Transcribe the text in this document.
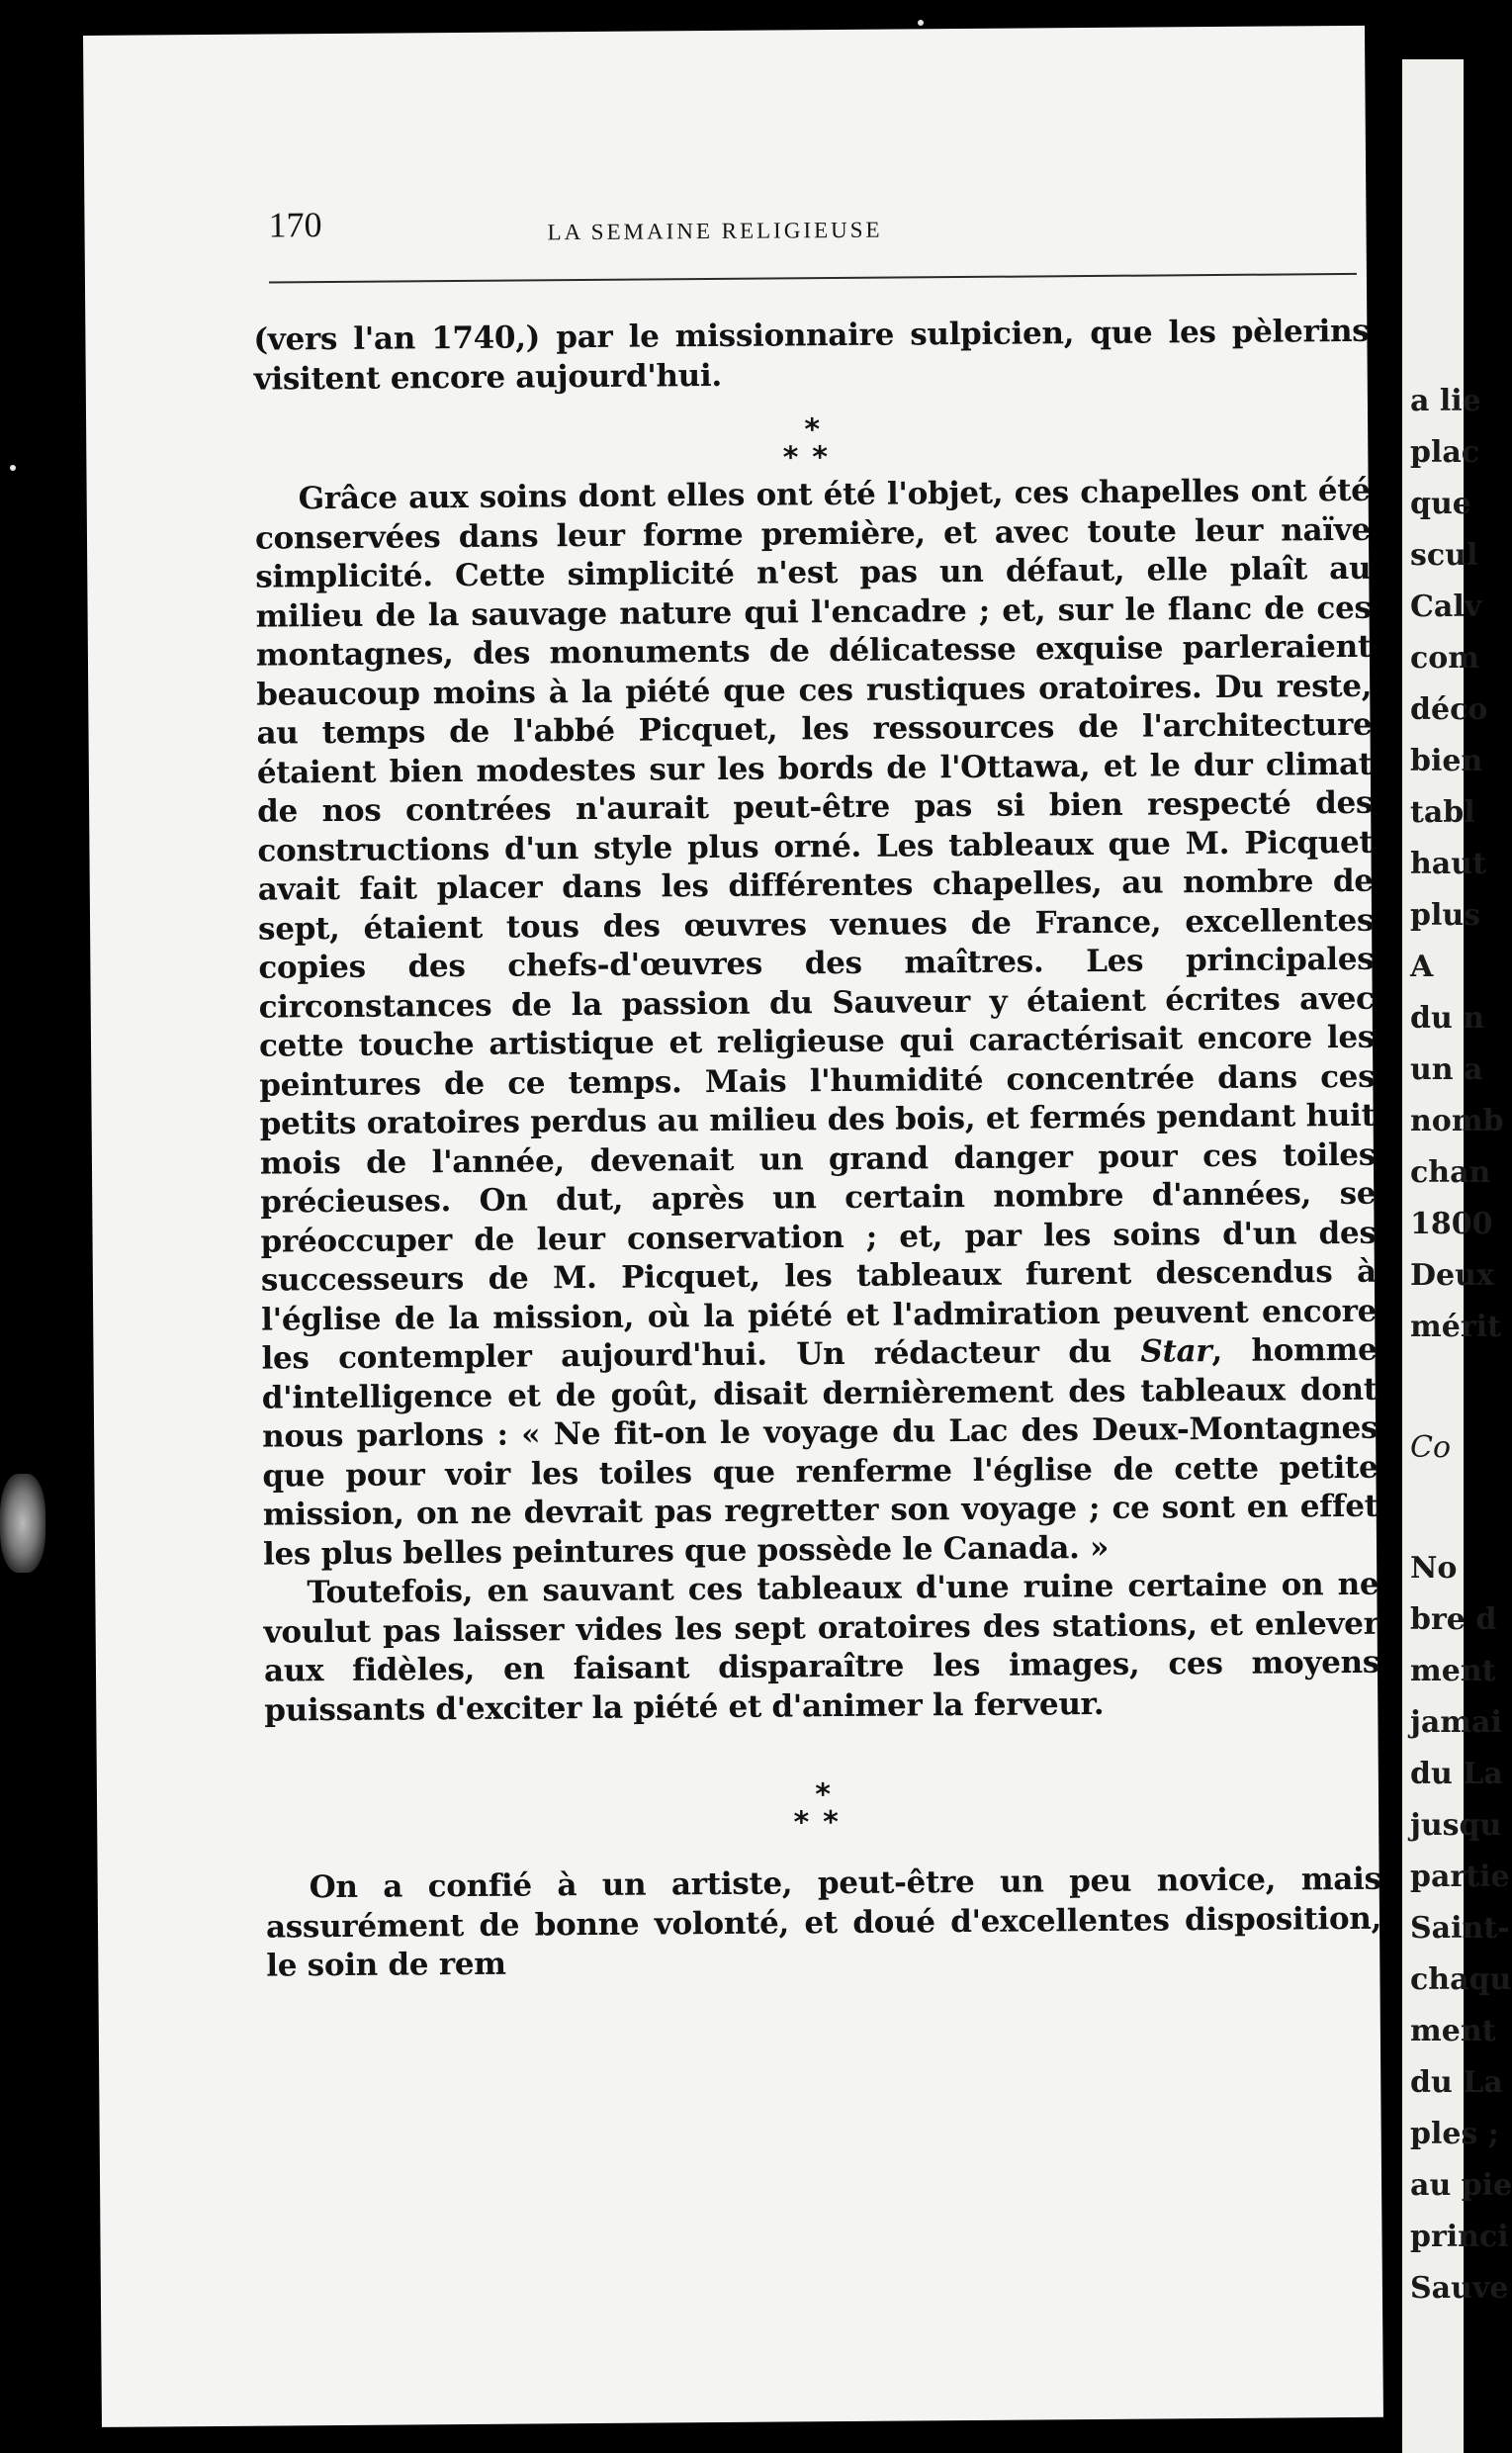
170	LA SEMAINE RELIGIEUSE

(vers l'an 1740,) par le missionnaire sulpicien, que les pèlerins visitent encore aujourd'hui.

*
**

Grâce aux soins dont elles ont été l'objet, ces chapelles ont été conservées dans leur forme première, et avec toute leur naïve simplicité. Cette simplicité n'est pas un défaut, elle plaît au milieu de la sauvage nature qui l'encadre ; et, sur le flanc de ces montagnes, des monuments de délicatesse exquise parleraient beaucoup moins à la piété que ces rustiques oratoires. Du reste, au temps de l'abbé Picquet, les ressources de l'architecture étaient bien modestes sur les bords de l'Ottawa, et le dur climat de nos contrées n'aurait peut-être pas si bien respecté des constructions d'un style plus orné. Les tableaux que M. Picquet avait fait placer dans les différentes chapelles, au nombre de sept, étaient tous des œuvres venues de France, excellentes copies des chefs-d'œuvres des maîtres. Les principales circonstances de la passion du Sauveur y étaient écrites avec cette touche artistique et religieuse qui caractérisait encore les peintures de ce temps. Mais l'humidité concentrée dans ces petits oratoires perdus au milieu des bois, et fermés pendant huit mois de l'année, devenait un grand danger pour ces toiles précieuses. On dut, après un certain nombre d'années, se préoccuper de leur conservation ; et, par les soins d'un des successeurs de M. Picquet, les tableaux furent descendus à l'église de la mission, où la piété et l'admiration peuvent encore les contempler aujourd'hui. Un rédacteur du Star, homme d'intelligence et de goût, disait dernièrement des tableaux dont nous parlons : « Ne fit-on le voyage du Lac des Deux-Montagnes que pour voir les toiles que renferme l'église de cette petite mission, on ne devrait pas regretter son voyage ; ce sont en effet les plus belles peintures que possède le Canada. »

Toutefois, en sauvant ces tableaux d'une ruine certaine on ne voulut pas laisser vides les sept oratoires des stations, et enlever aux fidèles, en faisant disparaître les images, ces moyens puissants d'exciter la piété et d'animer la ferveur.

*
**

On a confié à un artiste, peut-être un peu novice, mais assurément de bonne volonté, et doué d'excellentes disposition, le soin de rem

a lie
plac
que
scul
Calv
com
déco
bien
tabl
haut
plus
A
du n
un a
nomb
chan
1800
Deux
mérit
Co
No
bre d
ment
jamai
du La
jusqu
partie
Saint-
chaqu
ment
du La
ples ;
au pie
princi
Sauve
